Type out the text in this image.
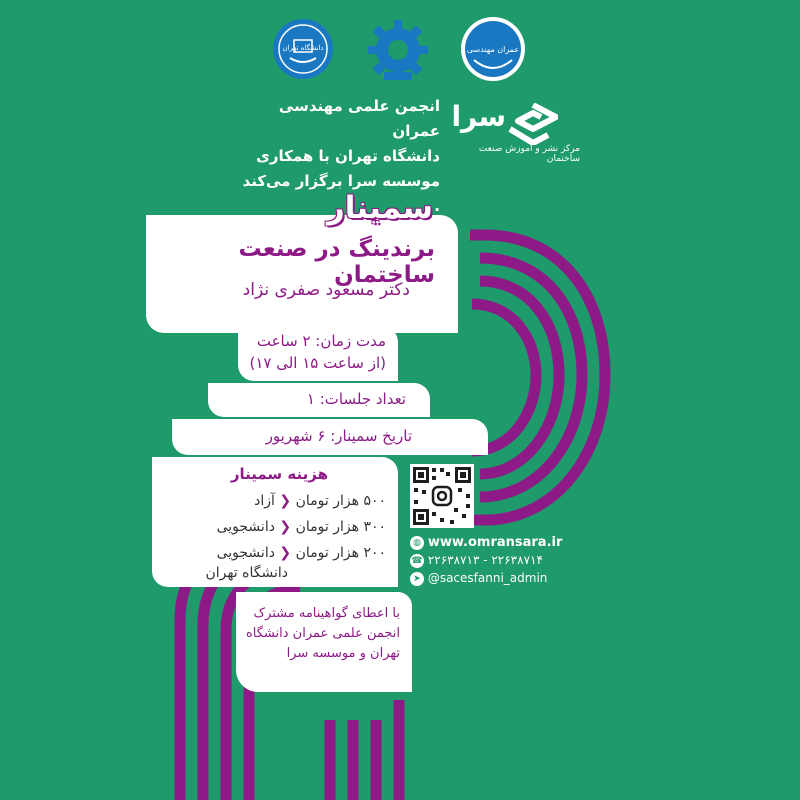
دانشگاه تهران	عمران مهندسی
انجمن علمی مهندسی عمران
دانشگاه تهران با همکاری
موسسه سرا برگزار می‌کند .
سرا
مرکز نشر و آموزش صنعت ساختمان
سمینار
برندینگ در صنعت ساختمان
دکتر مسعود صفری نژاد
مدت زمان: ۲ ساعت
(از ساعت ۱۵ الی ۱۷)
تعداد جلسات: ۱
تاریخ سمینار: ۶ شهریور
هزینه سمینار
۵۰۰ هزار تومان ❮ آزاد
۳۰۰ هزار تومان ❮ دانشجویی
۲۰۰ هزار تومان ❮ دانشجویی
دانشگاه تهران
با اعطای گواهینامه مشترک
انجمن علمی عمران دانشگاه
تهران و موسسه سرا
◍ www.omransara.ir
☎ ۲۲۶۳۸۷۱۳ - ۲۲۶۳۸۷۱۴
➤ @sacesfanni_admin
